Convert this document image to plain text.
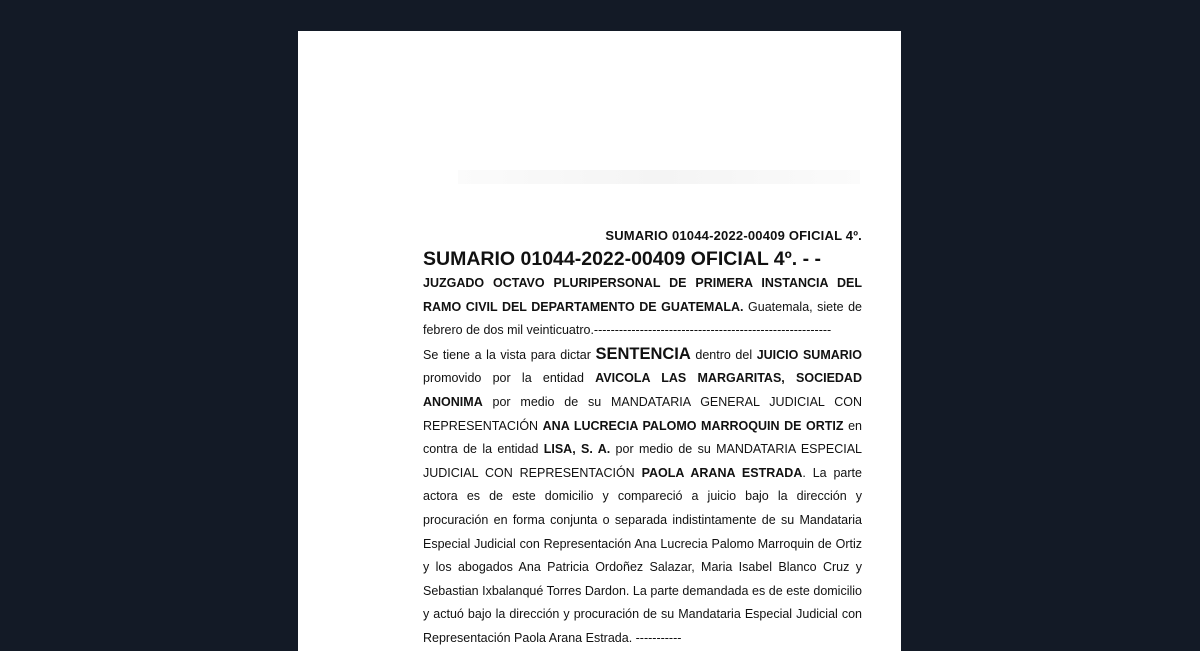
SUMARIO 01044-2022-00409 OFICIAL 4º.
SUMARIO 01044-2022-00409 OFICIAL 4º. - -

JUZGADO OCTAVO PLURIPERSONAL DE PRIMERA INSTANCIA DEL RAMO CIVIL DEL DEPARTAMENTO DE GUATEMALA. Guatemala, siete de febrero de dos mil veinticuatro.---------------------------------------------------------

Se tiene a la vista para dictar SENTENCIA dentro del JUICIO SUMARIO promovido por la entidad AVICOLA LAS MARGARITAS, SOCIEDAD ANONIMA por medio de su MANDATARIA GENERAL JUDICIAL CON REPRESENTACIÓN ANA LUCRECIA PALOMO MARROQUIN DE ORTIZ en contra de la entidad LISA, S. A. por medio de su MANDATARIA ESPECIAL JUDICIAL CON REPRESENTACIÓN PAOLA ARANA ESTRADA. La parte actora es de este domicilio y compareció a juicio bajo la dirección y procuración en forma conjunta o separada indistintamente de su Mandataria Especial Judicial con Representación Ana Lucrecia Palomo Marroquin de Ortiz y los abogados Ana Patricia Ordoñez Salazar, Maria Isabel Blanco Cruz y Sebastian Ixbalanqué Torres Dardon. La parte demandada es de este domicilio y actuó bajo la dirección y procuración de su Mandataria Especial Judicial con Representación Paola Arana Estrada. -----------
